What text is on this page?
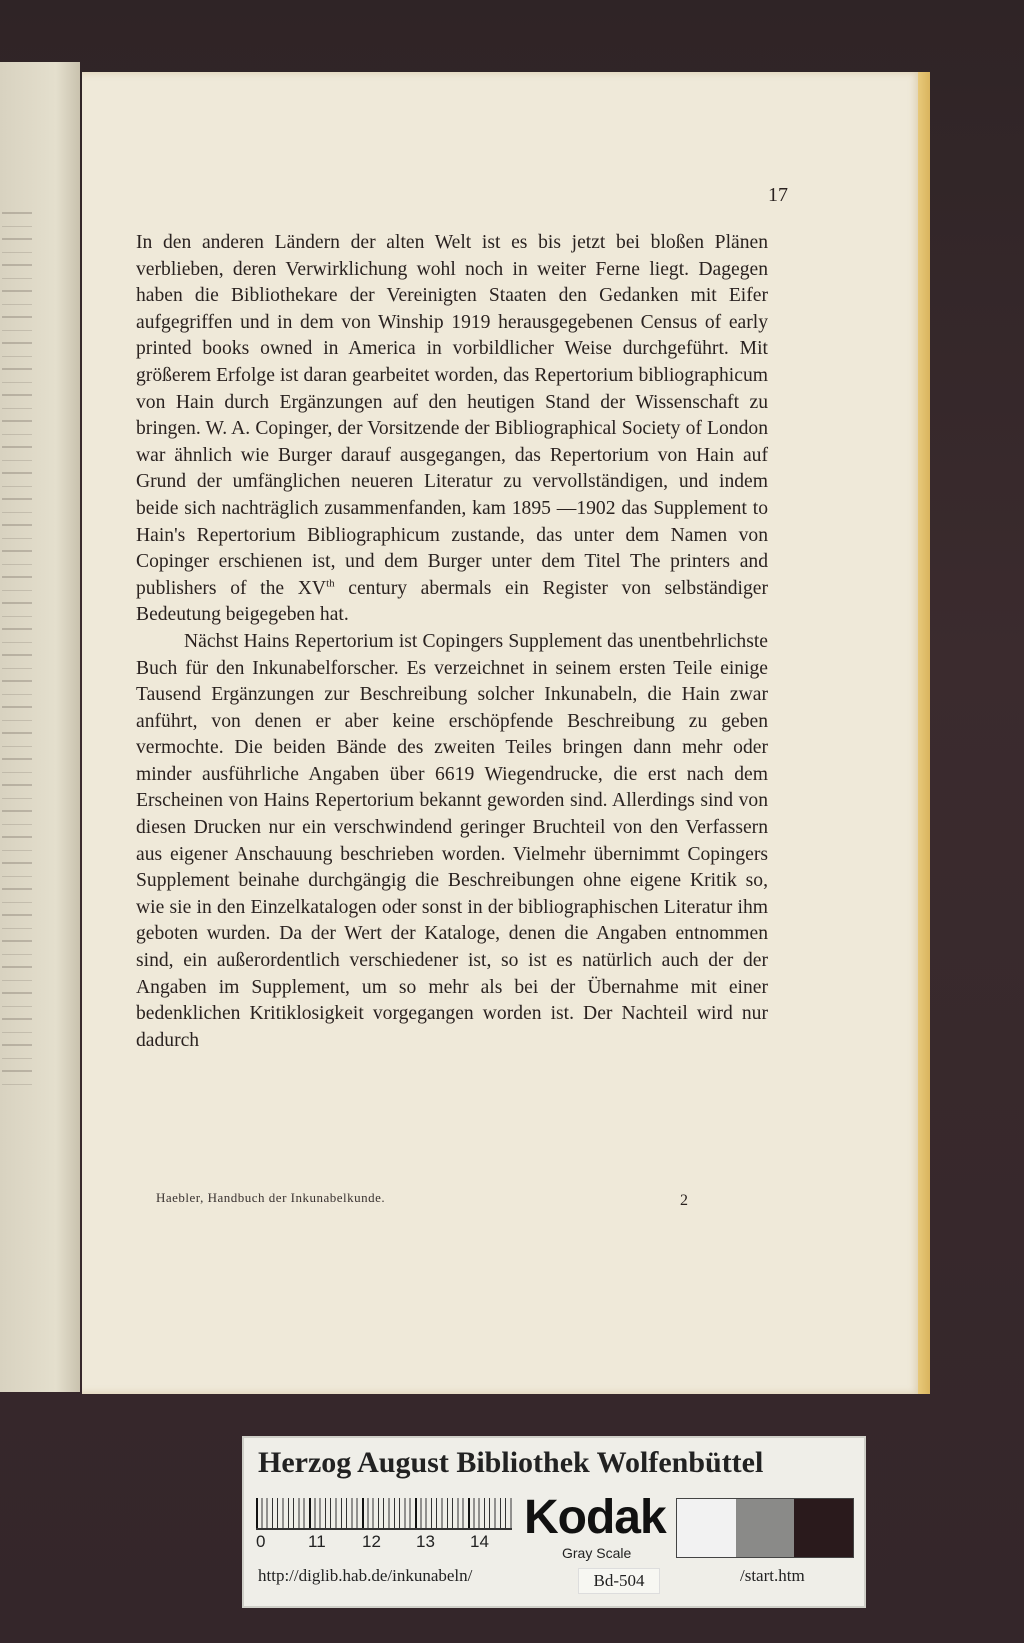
17

In den anderen Ländern der alten Welt ist es bis jetzt bei bloßen Plänen verblieben, deren Verwirklichung wohl noch in weiter Ferne liegt. Dagegen haben die Bibliothekare der Vereinigten Staaten den Gedanken mit Eifer aufgegriffen und in dem von Winship 1919 herausgegebenen Census of early printed books owned in America in vorbildlicher Weise durchgeführt. Mit größerem Erfolge ist daran gearbeitet worden, das Repertorium bibliographicum von Hain durch Ergänzungen auf den heutigen Stand der Wissenschaft zu bringen. W. A. Copinger, der Vorsitzende der Bibliographical Society of London war ähnlich wie Burger darauf ausgegangen, das Repertorium von Hain auf Grund der umfänglichen neueren Literatur zu vervollständigen, und indem beide sich nachträglich zusammenfanden, kam 1895 —1902 das Supplement to Hain's Repertorium Bibliographicum zustande, das unter dem Namen von Copinger erschienen ist, und dem Burger unter dem Titel The printers and publishers of the XVth century abermals ein Register von selbständiger Bedeutung beigegeben hat.

Nächst Hains Repertorium ist Copingers Supplement das unentbehrlichste Buch für den Inkunabelforscher. Es verzeichnet in seinem ersten Teile einige Tausend Ergänzungen zur Beschreibung solcher Inkunabeln, die Hain zwar anführt, von denen er aber keine erschöpfende Beschreibung zu geben vermochte. Die beiden Bände des zweiten Teiles bringen dann mehr oder minder ausführliche Angaben über 6619 Wiegendrucke, die erst nach dem Erscheinen von Hains Repertorium bekannt geworden sind. Allerdings sind von diesen Drucken nur ein verschwindend geringer Bruchteil von den Verfassern aus eigener Anschauung beschrieben worden. Vielmehr übernimmt Copingers Supplement beinahe durchgängig die Beschreibungen ohne eigene Kritik so, wie sie in den Einzelkatalogen oder sonst in der bibliographischen Literatur ihm geboten wurden. Da der Wert der Kataloge, denen die Angaben entnommen sind, ein außerordentlich verschiedener ist, so ist es natürlich auch der der Angaben im Supplement, um so mehr als bei der Übernahme mit einer bedenklichen Kritiklosigkeit vorgegangen worden ist. Der Nachteil wird nur dadurch

Haebler, Handbuch der Inkunabelkunde.	2
Herzog August Bibliothek Wolfenbüttel
0	11 12 13 14 Kodak
Gray Scale
http://diglib.hab.de/inkunabeln/	Bd-504	/start.htm
